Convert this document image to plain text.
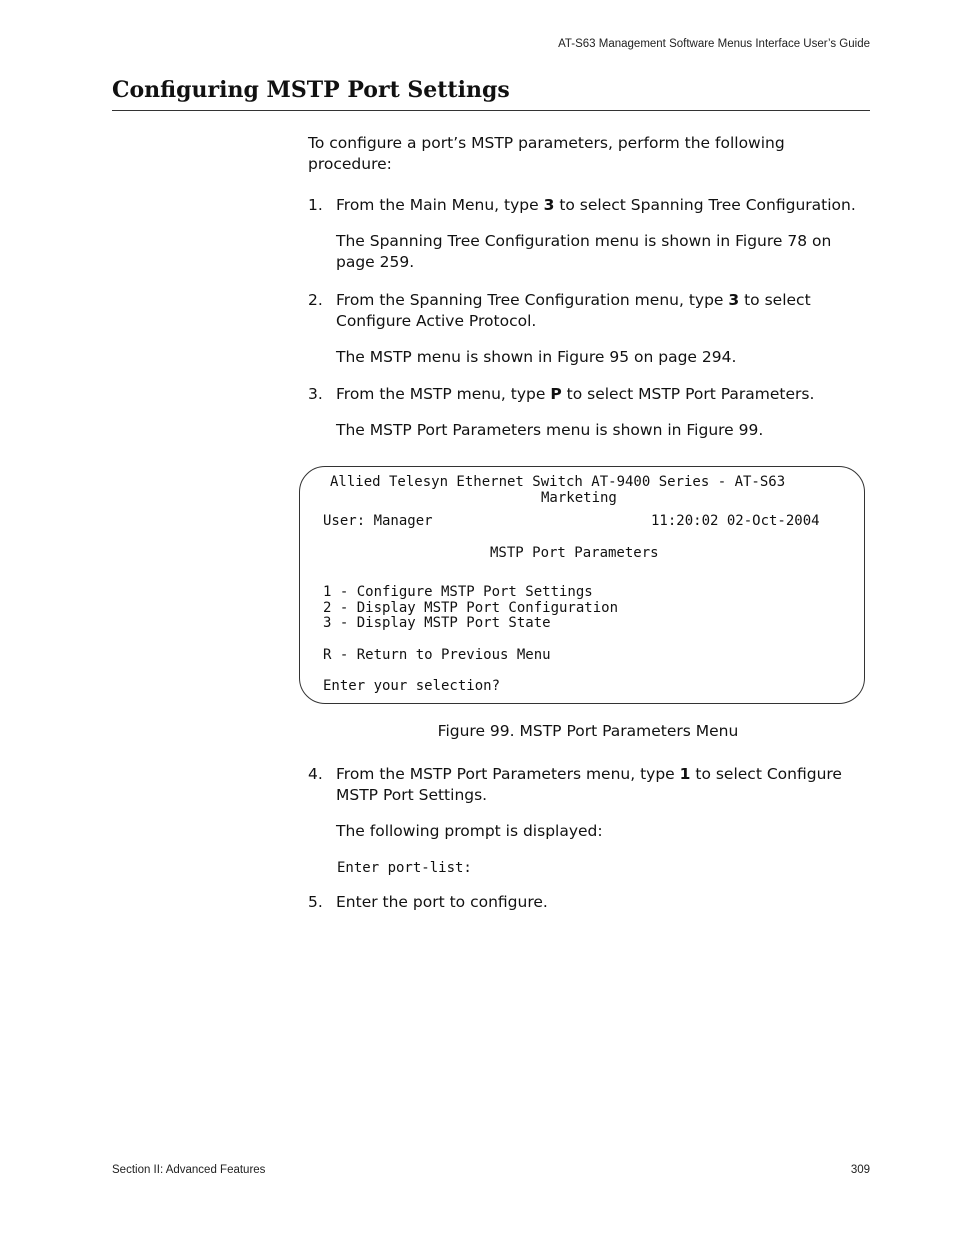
AT-S63 Management Software Menus Interface User’s Guide
Configuring MSTP Port Settings
To configure a port’s MSTP parameters, perform the following procedure:
1. From the Main Menu, type 3 to select Spanning Tree Configuration.
The Spanning Tree Configuration menu is shown in Figure 78 on page 259.
2. From the Spanning Tree Configuration menu, type 3 to select Configure Active Protocol.
The MSTP menu is shown in Figure 95 on page 294.
3. From the MSTP menu, type P to select MSTP Port Parameters.
The MSTP Port Parameters menu is shown in Figure 99.
Allied Telesyn Ethernet Switch AT-9400 Series - AT-S63
Marketing
User: Manager	11:20:02 02-Oct-2004
MSTP Port Parameters
1 - Configure MSTP Port Settings
2 - Display MSTP Port Configuration
3 - Display MSTP Port State
R - Return to Previous Menu
Enter your selection?
Figure 99. MSTP Port Parameters Menu
4. From the MSTP Port Parameters menu, type 1 to select Configure MSTP Port Settings.
The following prompt is displayed:
Enter port-list:
5. Enter the port to configure.
Section II: Advanced Features	309
